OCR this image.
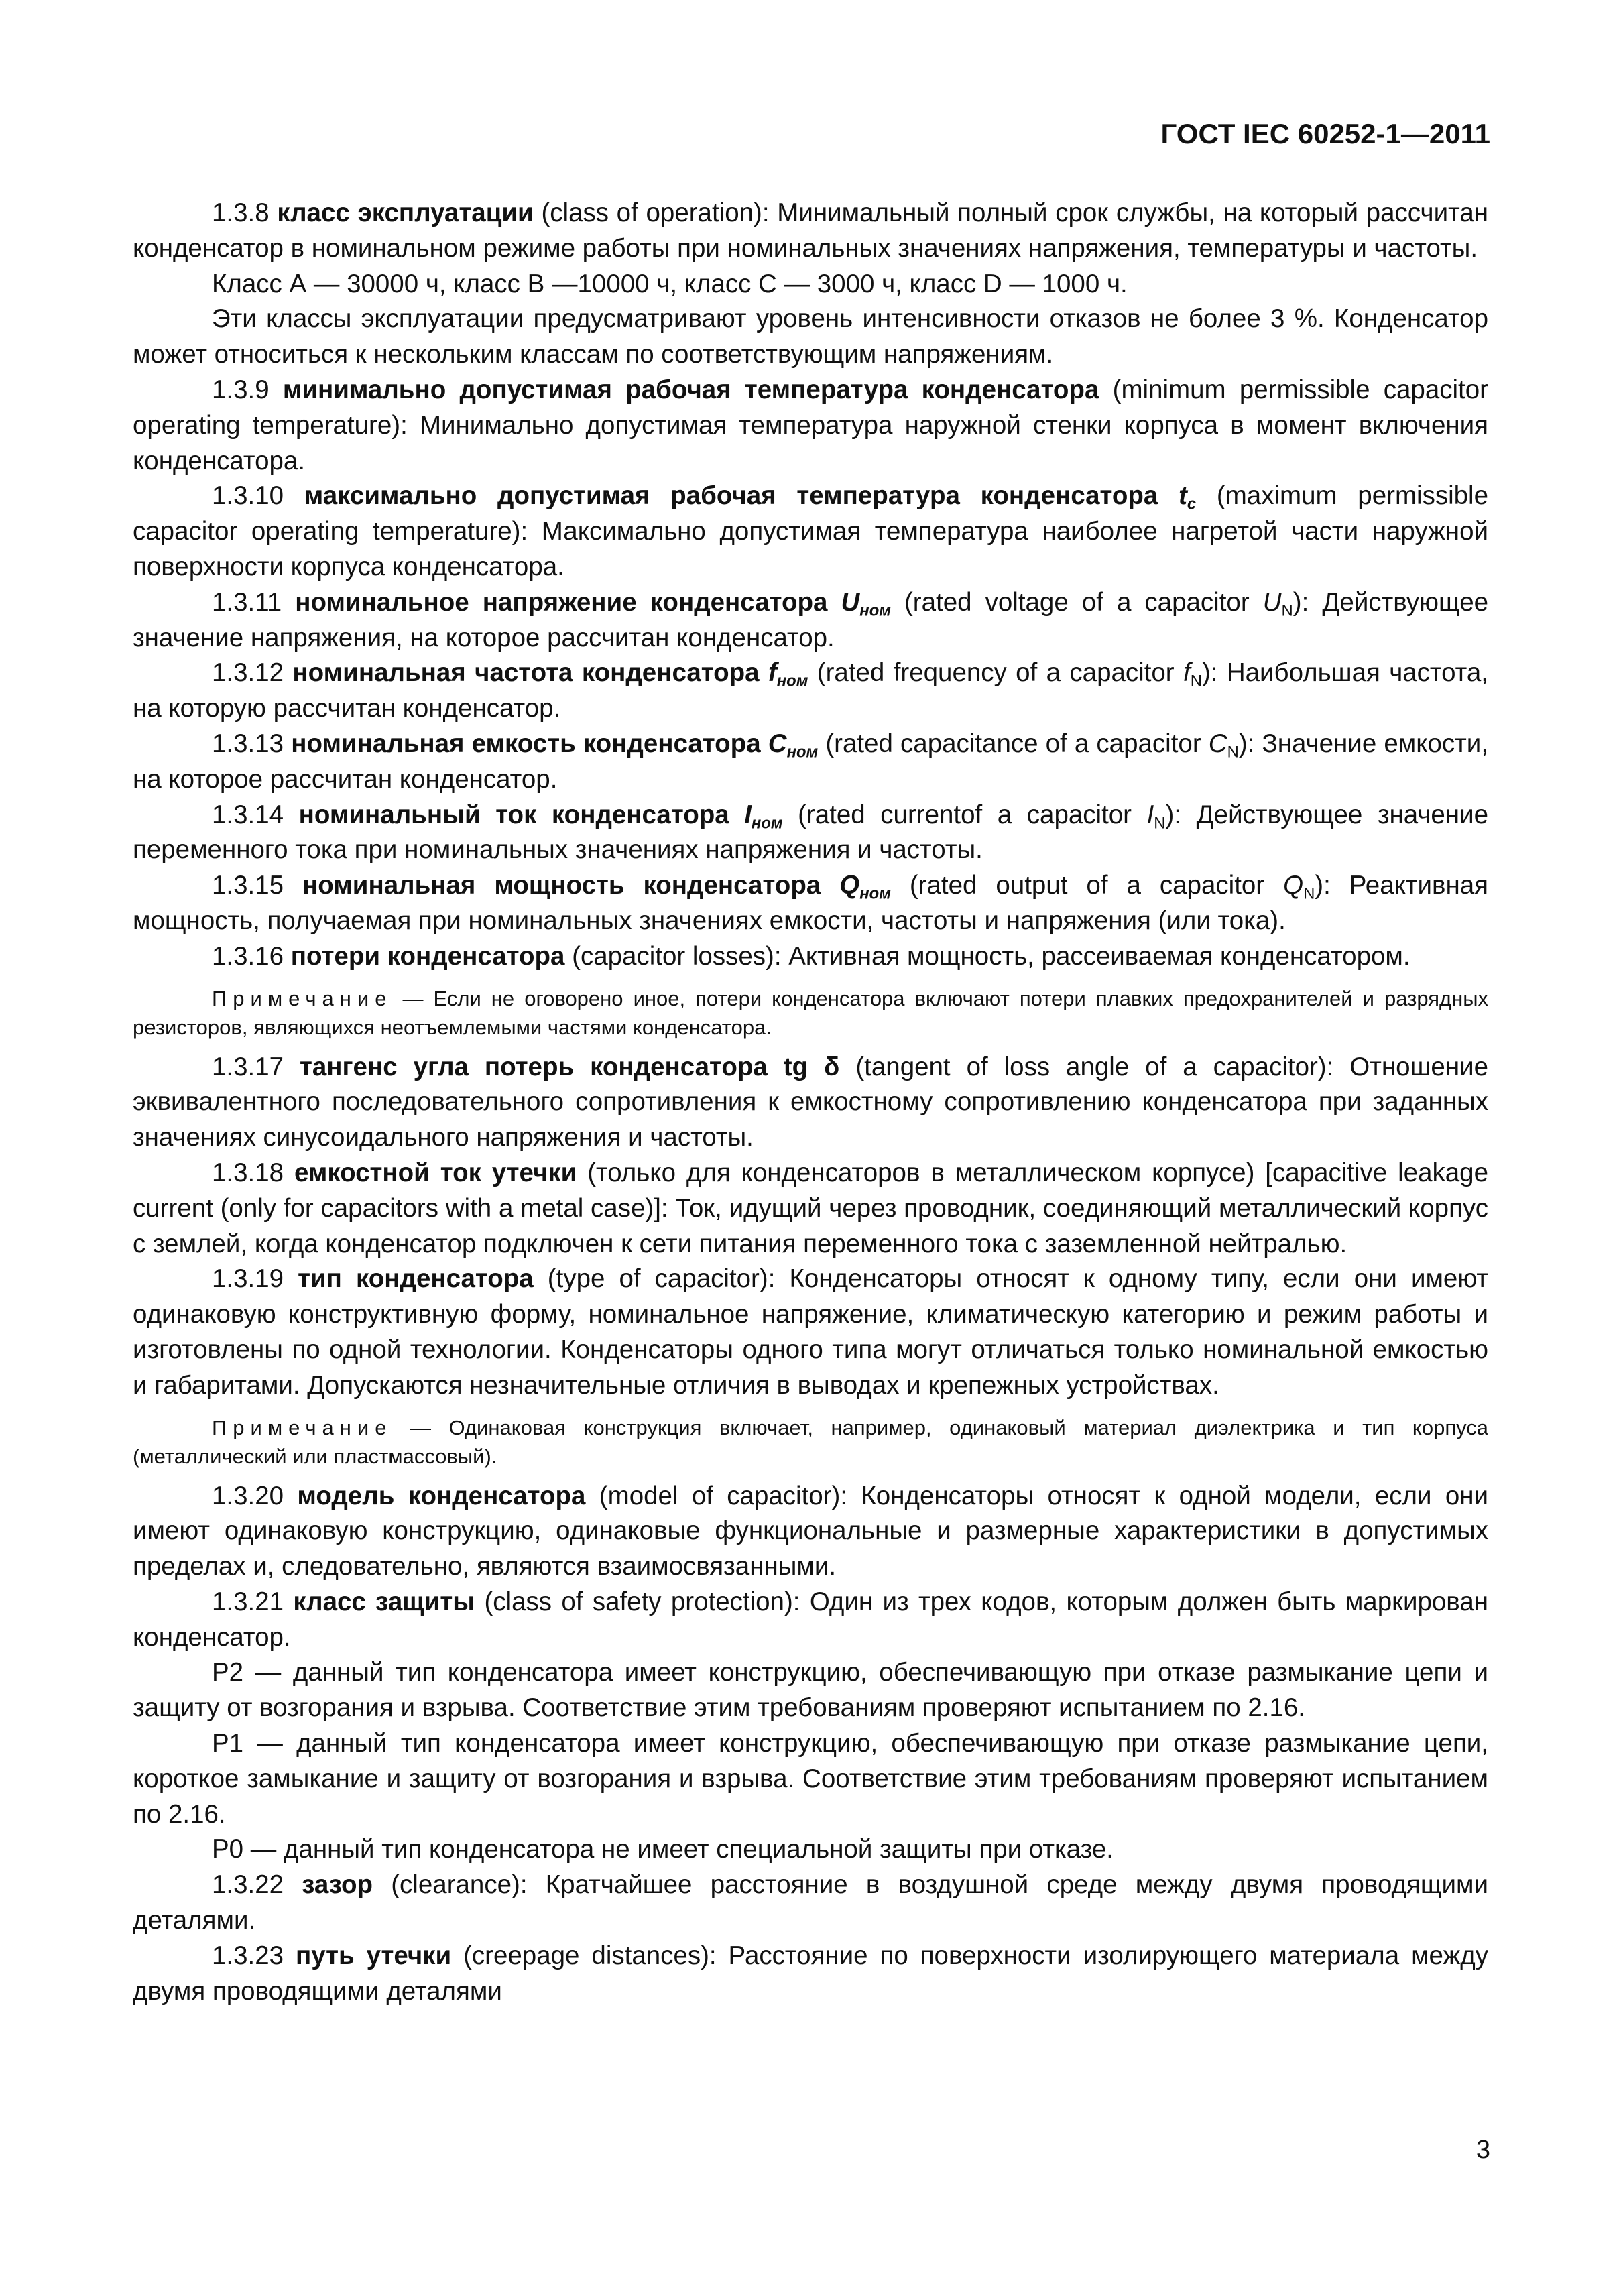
ГОСТ IEC 60252-1—2011

1.3.8 класс эксплуатации (class of operation): Минимальный полный срок службы, на который рассчитан конденсатор в номинальном режиме работы при номинальных значениях напряжения, температуры и частоты.

Класс А — 30000 ч, класс В —10000 ч, класс С — 3000 ч, класс D — 1000 ч.

Эти классы эксплуатации предусматривают уровень интенсивности отказов не более 3 %. Конденсатор может относиться к нескольким классам по соответствующим напряжениям.

1.3.9 минимально допустимая рабочая температура конденсатора (minimum permissible capacitor operating temperature): Минимально допустимая температура наружной стенки корпуса в момент включения конденсатора.

1.3.10 максимально допустимая рабочая температура конденсатора $t_c$ (maximum permissible capacitor operating temperature): Максимально допустимая температура наиболее нагретой части наружной поверхности корпуса конденсатора.

1.3.11 номинальное напряжение конденсатора $U_{ном}$ (rated voltage of a capacitor $U_N$): Действующее значение напряжения, на которое рассчитан конденсатор.

1.3.12 номинальная частота конденсатора $f_{ном}$ (rated frequency of a capacitor $f_N$): Наибольшая частота, на которую рассчитан конденсатор.

1.3.13 номинальная емкость конденсатора $C_{ном}$ (rated capacitance of a capacitor $C_N$): Значение емкости, на которое рассчитан конденсатор.

1.3.14 номинальный ток конденсатора $I_{ном}$ (rated currentof a capacitor $I_N$): Действующее значение переменного тока при номинальных значениях напряжения и частоты.

1.3.15 номинальная мощность конденсатора $Q_{ном}$ (rated output of a capacitor $Q_N$): Реактивная мощность, получаемая при номинальных значениях емкости, частоты и напряжения (или тока).

1.3.16 потери конденсатора (capacitor losses): Активная мощность, рассеиваемая конденсатором.

Примечание — Если не оговорено иное, потери конденсатора включают потери плавких предохранителей и разрядных резисторов, являющихся неотъемлемыми частями конденсатора.

1.3.17 тангенс угла потерь конденсатора tg δ (tangent of loss angle of a capacitor): Отношение эквивалентного последовательного сопротивления к емкостному сопротивлению конденсатора при заданных значениях синусоидального напряжения и частоты.

1.3.18 емкостной ток утечки (только для конденсаторов в металлическом корпусе) [capacitive leakage current (only for capacitors with a metal case)]: Ток, идущий через проводник, соединяющий металлический корпус с землей, когда конденсатор подключен к сети питания переменного тока с заземленной нейтралью.

1.3.19 тип конденсатора (type of capacitor): Конденсаторы относят к одному типу, если они имеют одинаковую конструктивную форму, номинальное напряжение, климатическую категорию и режим работы и изготовлены по одной технологии. Конденсаторы одного типа могут отличаться только номинальной емкостью и габаритами. Допускаются незначительные отличия в выводах и крепежных устройствах.

Примечание — Одинаковая конструкция включает, например, одинаковый материал диэлектрика и тип корпуса (металлический или пластмассовый).

1.3.20 модель конденсатора (model of capacitor): Конденсаторы относят к одной модели, если они имеют одинаковую конструкцию, одинаковые функциональные и размерные характеристики в допустимых пределах и, следовательно, являются взаимосвязанными.

1.3.21 класс защиты (class of safety protection): Один из трех кодов, которым должен быть маркирован конденсатор.

Р2 — данный тип конденсатора имеет конструкцию, обеспечивающую при отказе размыкание цепи и защиту от возгорания и взрыва. Соответствие этим требованиям проверяют испытанием по 2.16.

Р1 — данный тип конденсатора имеет конструкцию, обеспечивающую при отказе размыкание цепи, короткое замыкание и защиту от возгорания и взрыва. Соответствие этим требованиям проверяют испытанием по 2.16.

Р0 — данный тип конденсатора не имеет специальной защиты при отказе.

1.3.22 зазор (clearance): Кратчайшее расстояние в воздушной среде между двумя проводящими деталями.

1.3.23 путь утечки (creepage distances): Расстояние по поверхности изолирующего материала между двумя проводящими деталями

3
